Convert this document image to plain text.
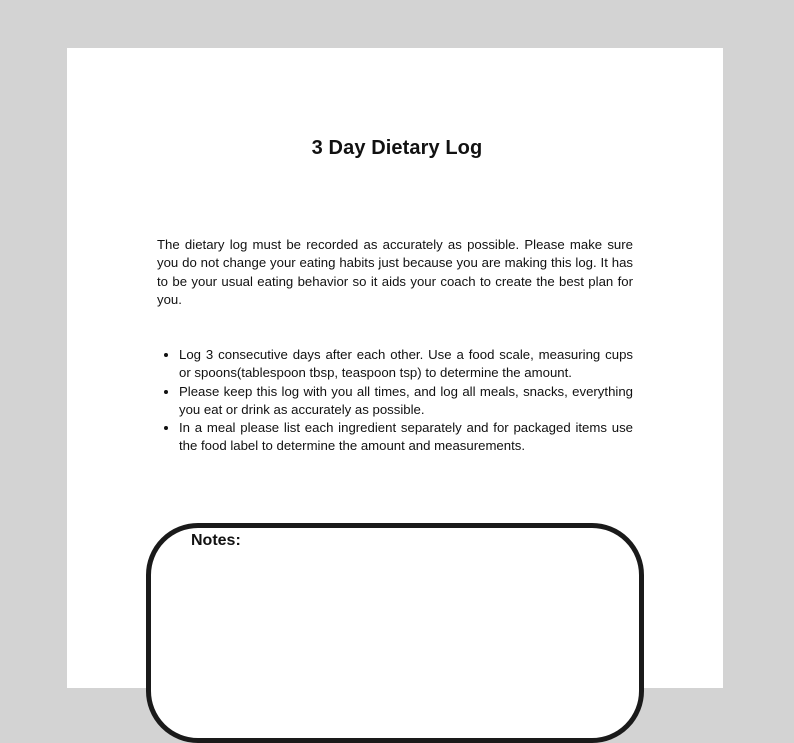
3 Day Dietary Log

The dietary log must be recorded as accurately as possible. Please make sure you do not change your eating habits just because you are making this log. It has to be your usual eating behavior so it aids your coach to create the best plan for you.

• Log 3 consecutive days after each other. Use a food scale, measuring cups or spoons(tablespoon tbsp, teaspoon tsp) to determine the amount.
• Please keep this log with you all times, and log all meals, snacks, everything you eat or drink as accurately as possible.
• In a meal please list each ingredient separately and for packaged items use the food label to determine the amount and measurements.
Notes:
